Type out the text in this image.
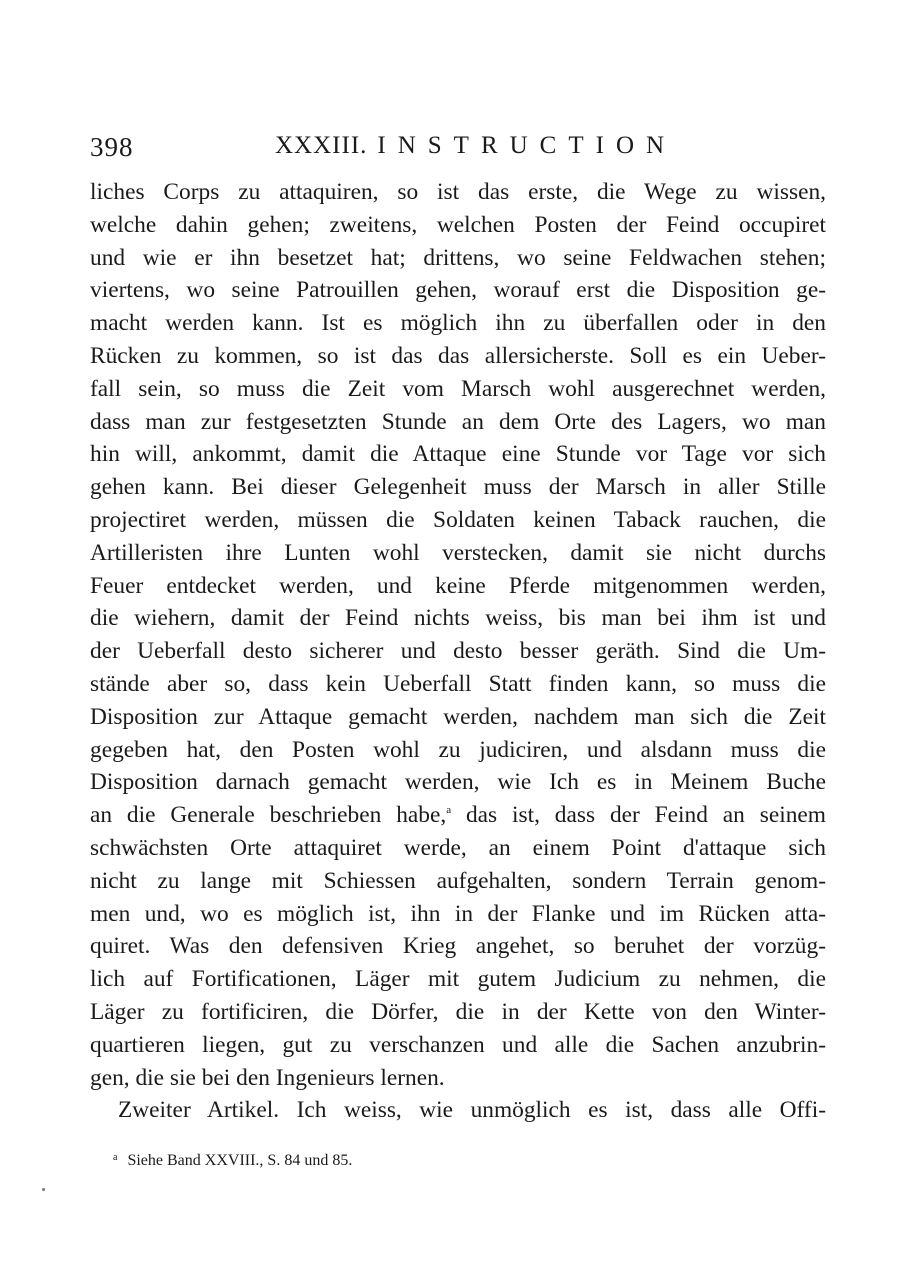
398	XXXIII. INSTRUCTION
liches Corps zu attaquiren, so ist das erste, die Wege zu wissen,
welche dahin gehen; zweitens, welchen Posten der Feind occupiret
und wie er ihn besetzet hat; drittens, wo seine Feldwachen stehen;
viertens, wo seine Patrouillen gehen, worauf erst die Disposition ge-
macht werden kann. Ist es möglich ihn zu überfallen oder in den
Rücken zu kommen, so ist das das allersicherste. Soll es ein Ueber-
fall sein, so muss die Zeit vom Marsch wohl ausgerechnet werden,
dass man zur festgesetzten Stunde an dem Orte des Lagers, wo man
hin will, ankommt, damit die Attaque eine Stunde vor Tage vor sich
gehen kann. Bei dieser Gelegenheit muss der Marsch in aller Stille
projectiret werden, müssen die Soldaten keinen Taback rauchen, die
Artilleristen ihre Lunten wohl verstecken, damit sie nicht durchs
Feuer entdecket werden, und keine Pferde mitgenommen werden,
die wiehern, damit der Feind nichts weiss, bis man bei ihm ist und
der Ueberfall desto sicherer und desto besser geräth. Sind die Um-
stände aber so, dass kein Ueberfall Statt finden kann, so muss die
Disposition zur Attaque gemacht werden, nachdem man sich die Zeit
gegeben hat, den Posten wohl zu judiciren, und alsdann muss die
Disposition darnach gemacht werden, wie Ich es in Meinem Buche
an die Generale beschrieben habe,$^a$ das ist, dass der Feind an seinem
schwächsten Orte attaquiret werde, an einem Point d'attaque sich
nicht zu lange mit Schiessen aufgehalten, sondern Terrain genom-
men und, wo es möglich ist, ihn in der Flanke und im Rücken atta-
quiret. Was den defensiven Krieg angehet, so beruhet der vorzüg-
lich auf Fortificationen, Läger mit gutem Judicium zu nehmen, die
Läger zu fortificiren, die Dörfer, die in der Kette von den Winter-
quartieren liegen, gut zu verschanzen und alle die Sachen anzubrin-
gen, die sie bei den Ingenieurs lernen.
Zweiter Artikel. Ich weiss, wie unmöglich es ist, dass alle Offi-
$^a$ Siehe Band XXVIII., S. 84 und 85.
